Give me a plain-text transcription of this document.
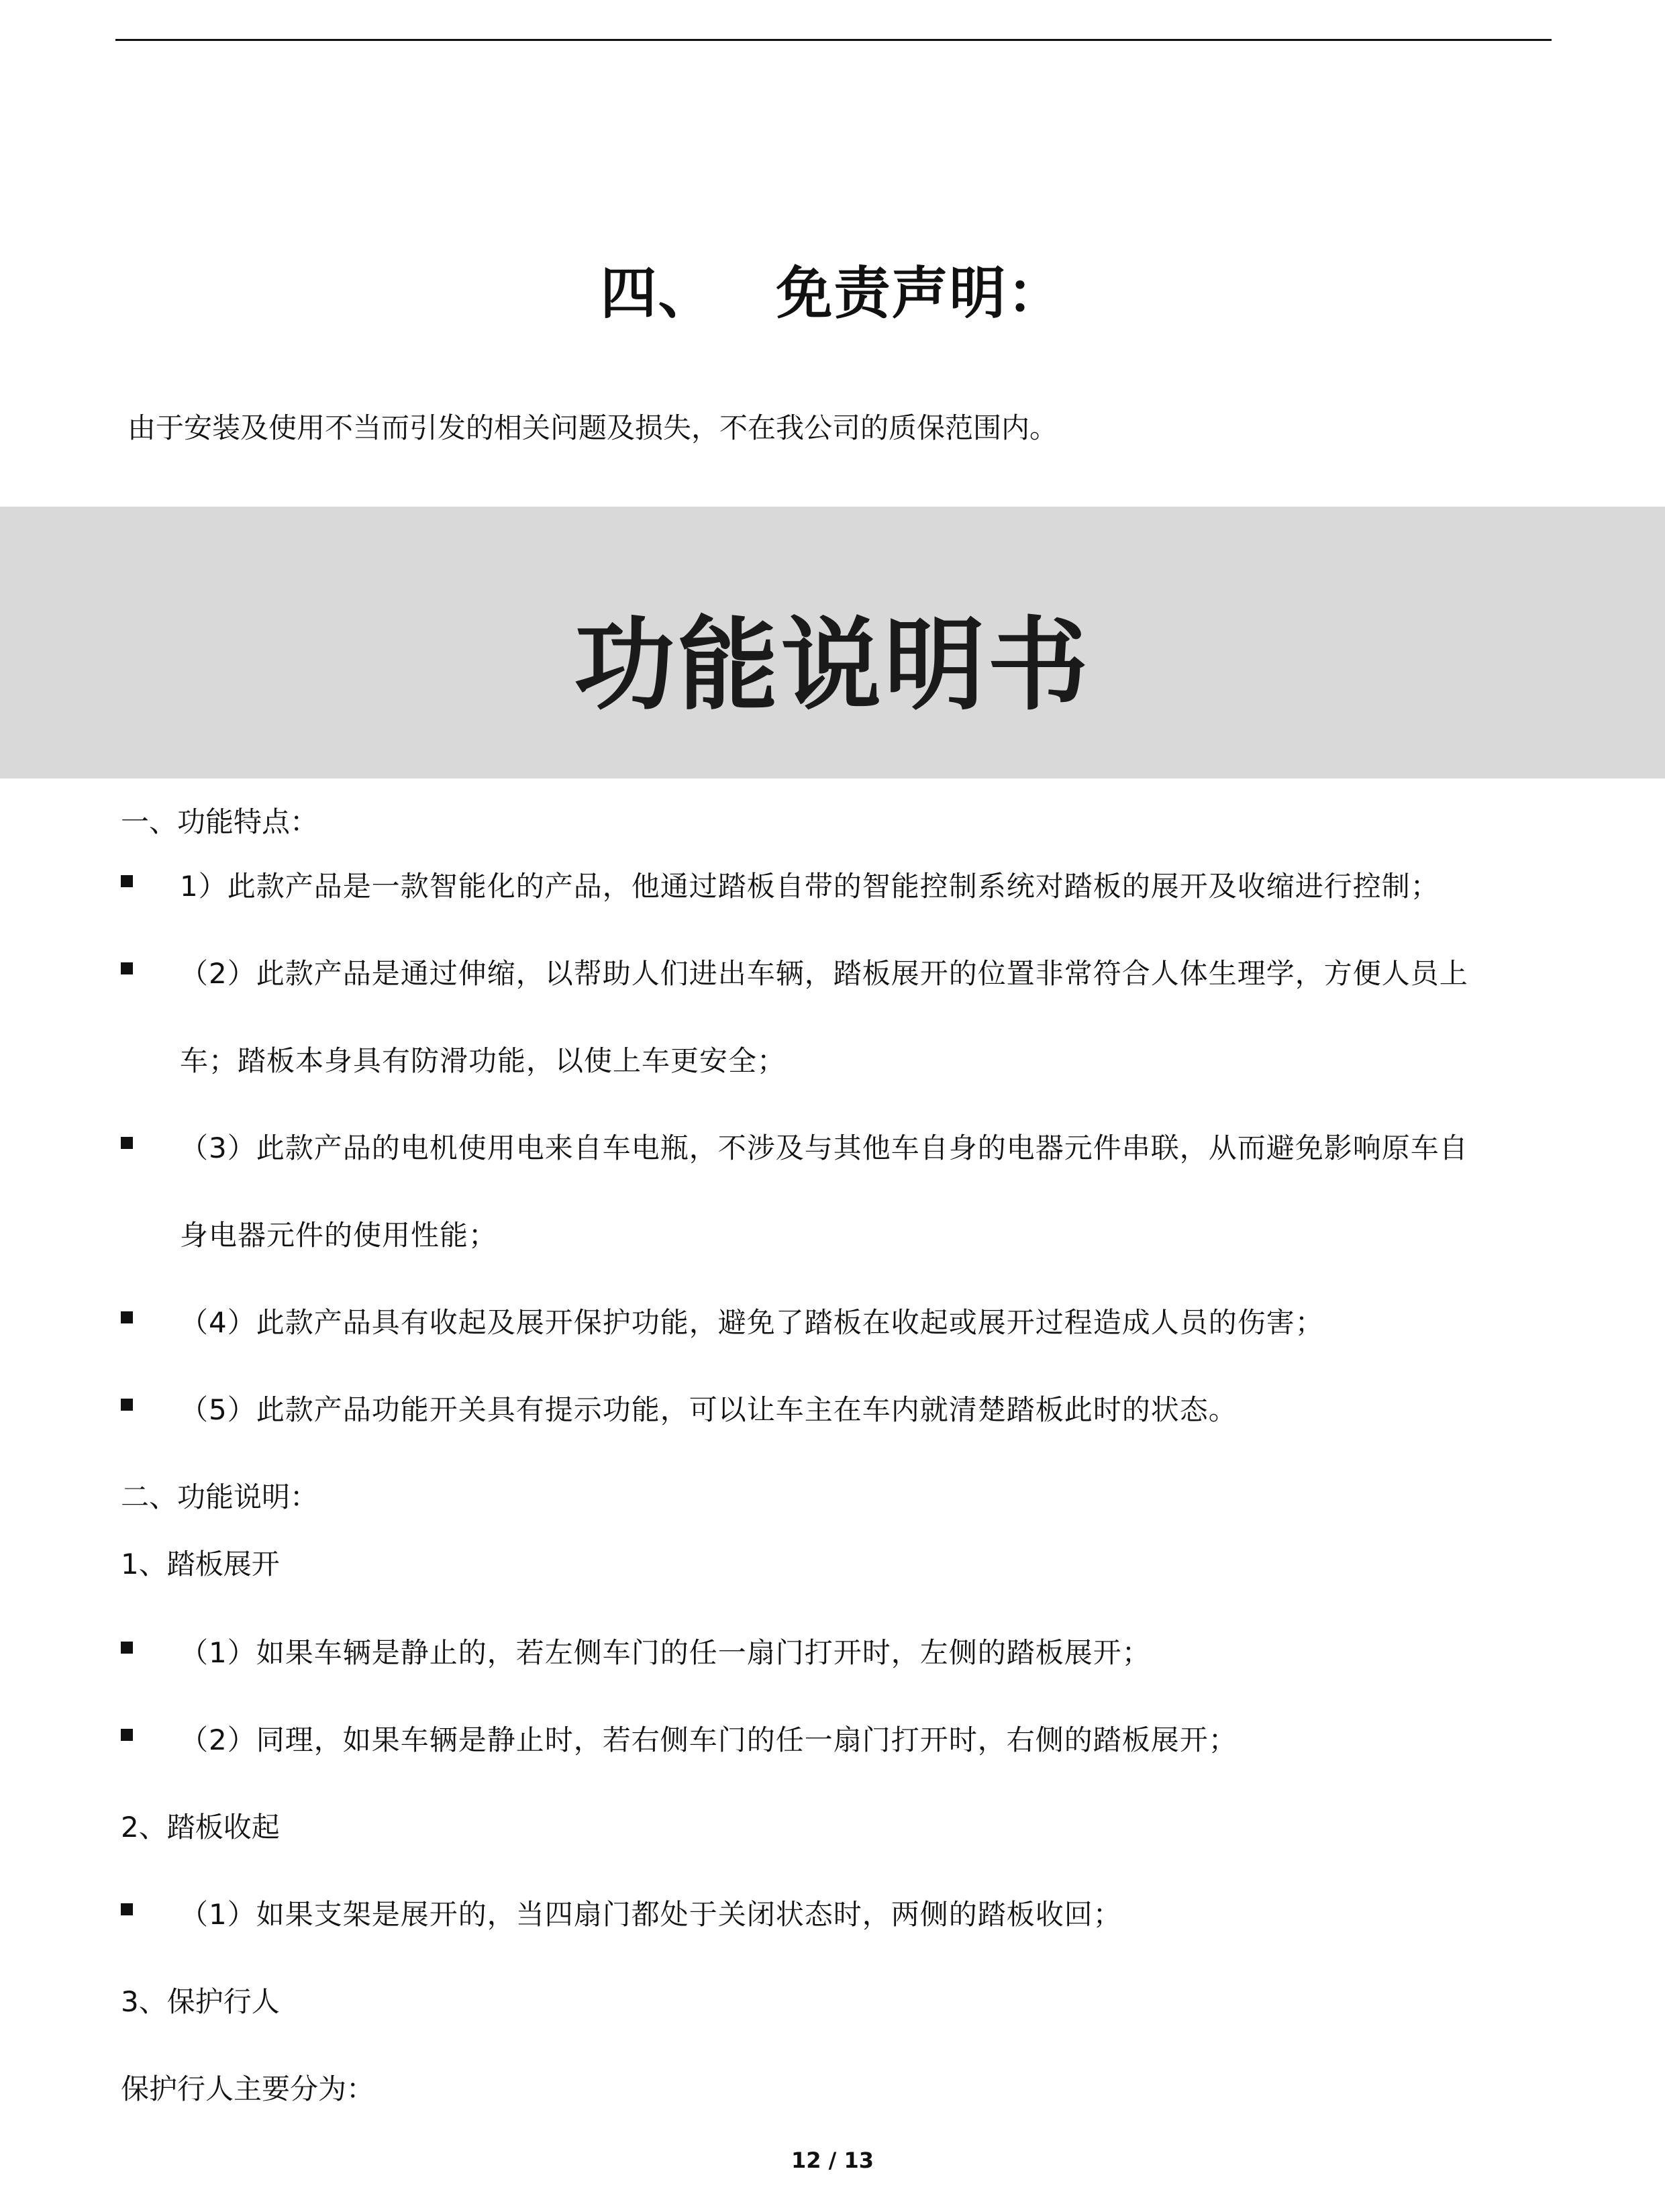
四、 免责声明：
由于安装及使用不当而引发的相关问题及损失，不在我公司的质保范围内。
功能说明书
一、功能特点：
1）此款产品是一款智能化的产品，他通过踏板自带的智能控制系统对踏板的展开及收缩进行控制；
（2）此款产品是通过伸缩，以帮助人们进出车辆，踏板展开的位置非常符合人体生理学，方便人员上
车；踏板本身具有防滑功能，以使上车更安全；
（3）此款产品的电机使用电来自车电瓶，不涉及与其他车自身的电器元件串联，从而避免影响原车自
身电器元件的使用性能；
（4）此款产品具有收起及展开保护功能，避免了踏板在收起或展开过程造成人员的伤害；
（5）此款产品功能开关具有提示功能，可以让车主在车内就清楚踏板此时的状态。
二、功能说明：
1、踏板展开
（1）如果车辆是静止的，若左侧车门的任一扇门打开时，左侧的踏板展开；
（2）同理，如果车辆是静止时，若右侧车门的任一扇门打开时，右侧的踏板展开；
2、踏板收起
（1）如果支架是展开的，当四扇门都处于关闭状态时，两侧的踏板收回；
3、保护行人
保护行人主要分为：
12 / 13
